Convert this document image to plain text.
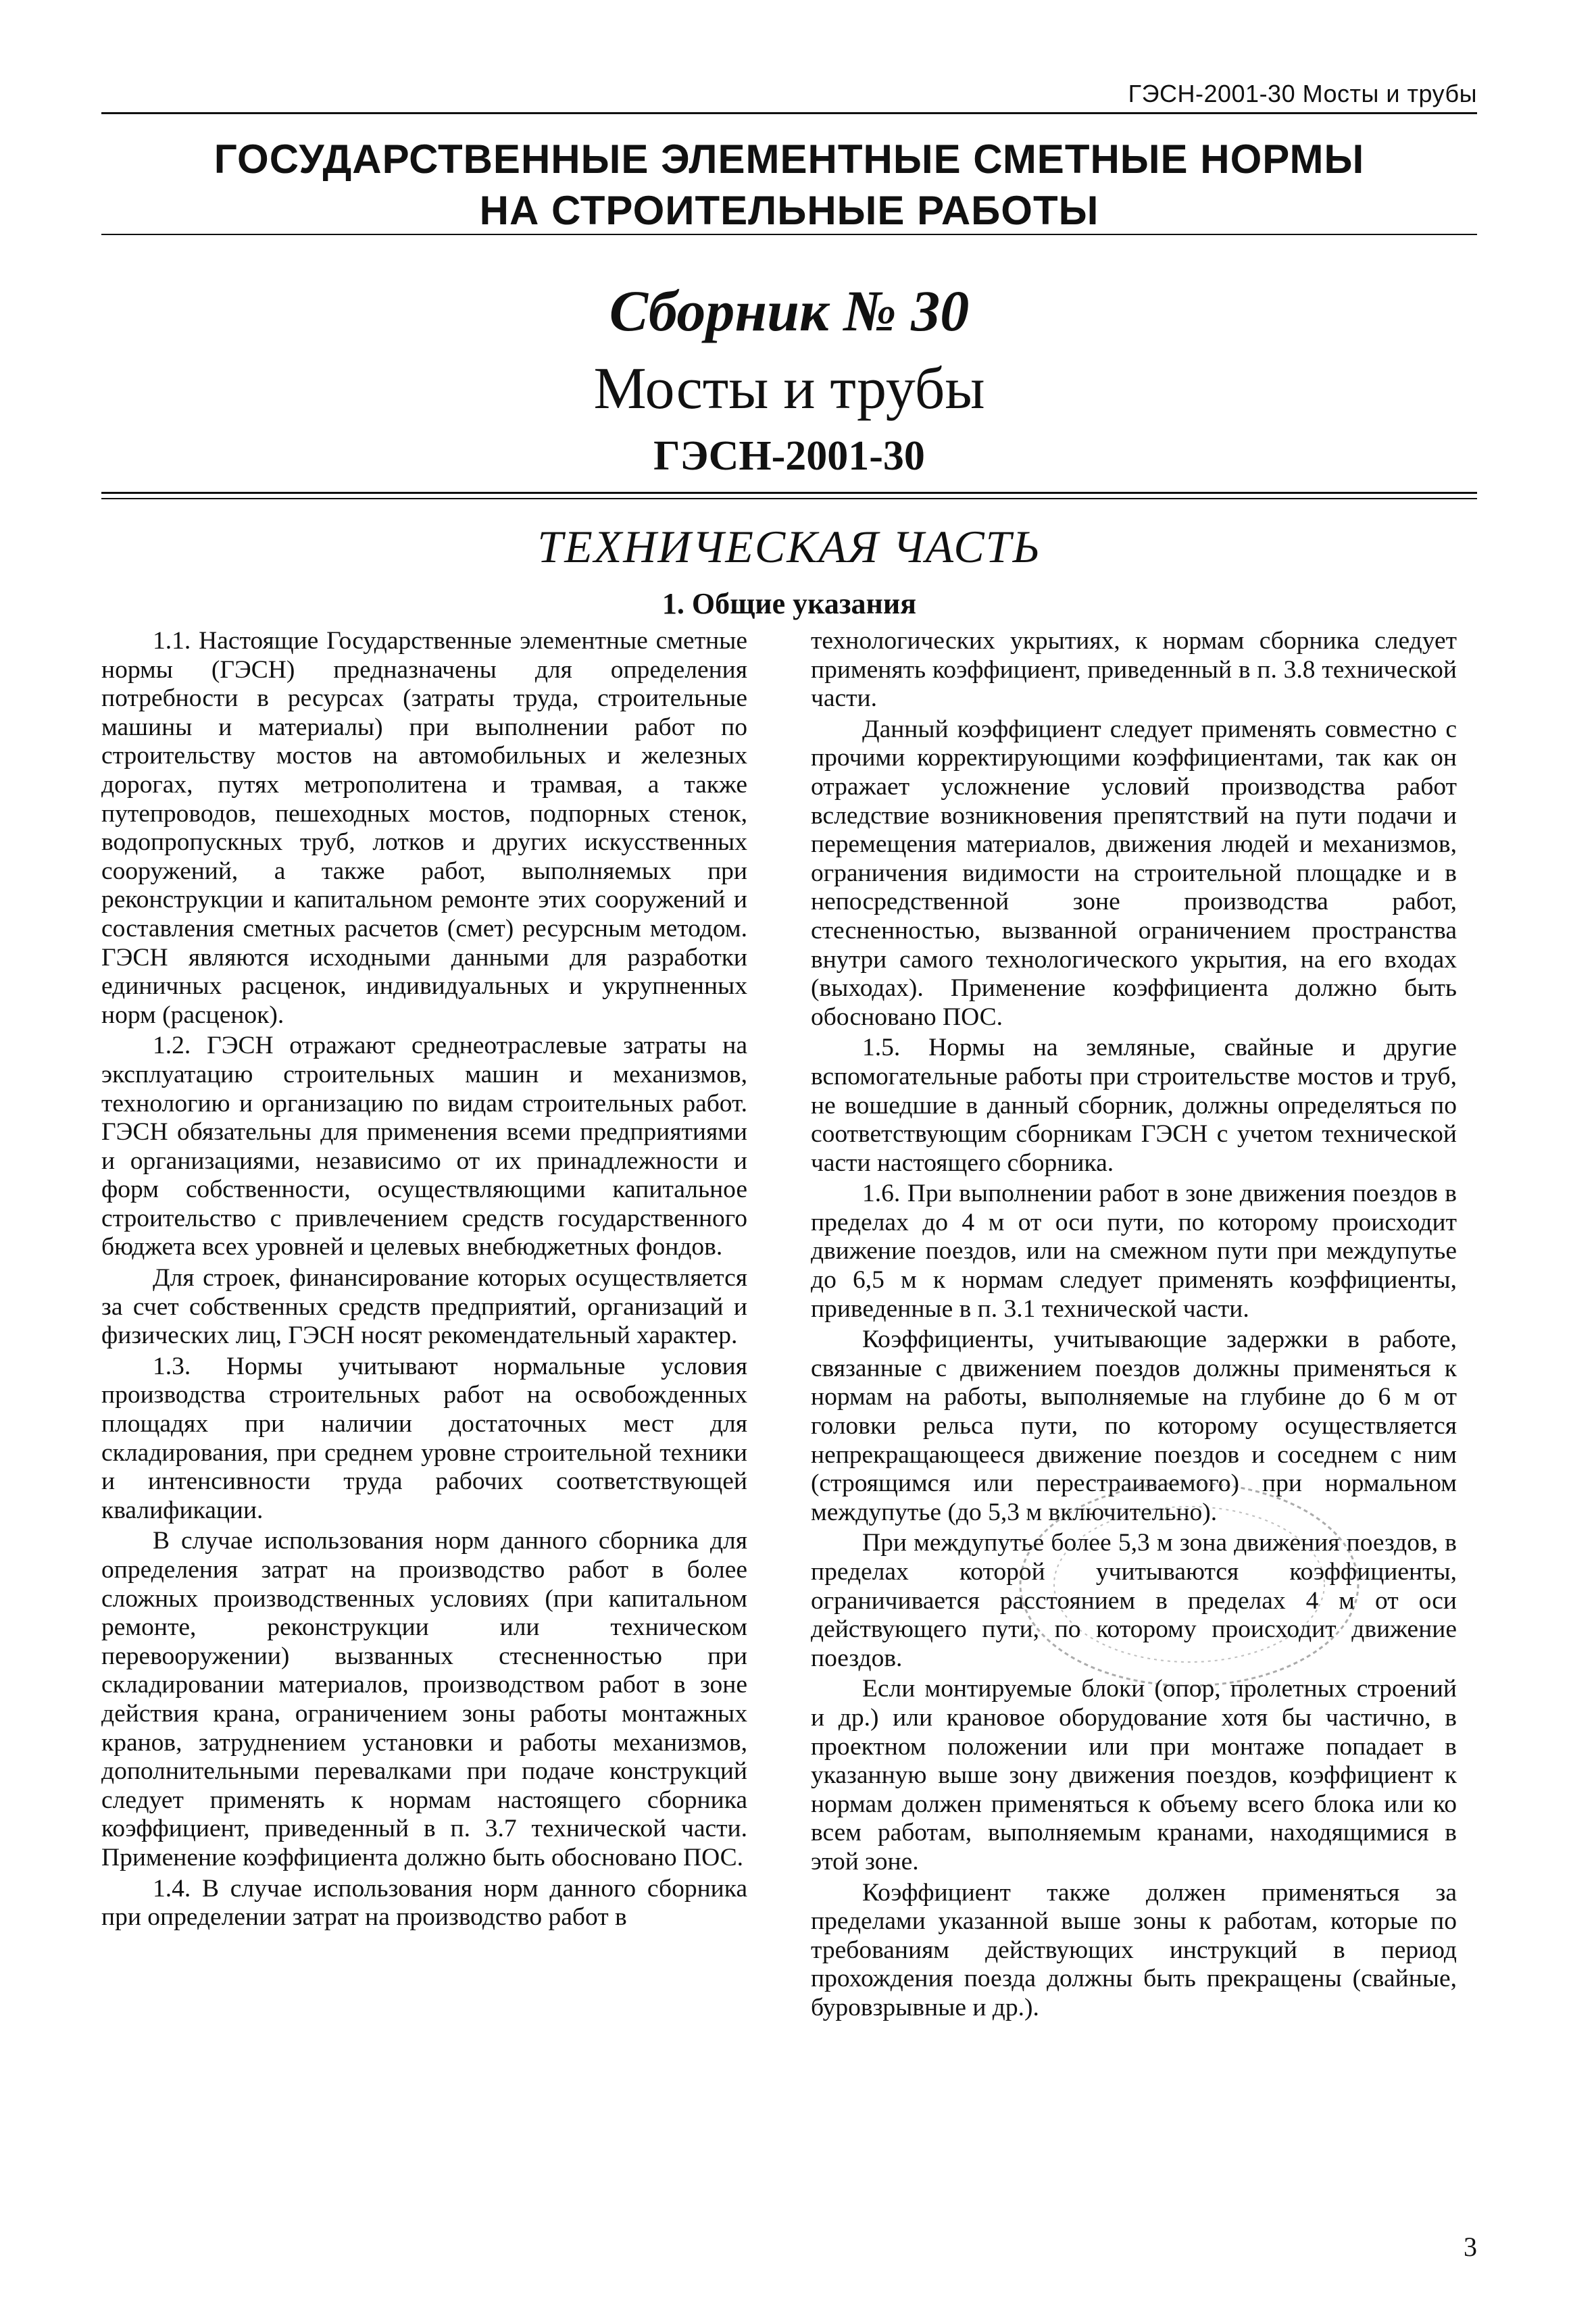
ГЭСН-2001-30 Мосты и трубы
ГОСУДАРСТВЕННЫЕ ЭЛЕМЕНТНЫЕ СМЕТНЫЕ НОРМЫ
НА СТРОИТЕЛЬНЫЕ РАБОТЫ
Сборник № 30
Мосты и трубы
ГЭСН-2001-30
ТЕХНИЧЕСКАЯ ЧАСТЬ
1. Общие указания

1.1. Настоящие Государственные элементные сметные нормы (ГЭСН) предназначены для определения потребности в ресурсах (затраты труда, строительные машины и материалы) при выполнении работ по строительству мостов на автомобильных и железных дорогах, путях метрополитена и трамвая, а также путепроводов, пешеходных мостов, подпорных стенок, водопропускных труб, лотков и других искусственных сооружений, а также работ, выполняемых при реконструкции и капитальном ремонте этих сооружений и составления сметных расчетов (смет) ресурсным методом. ГЭСН являются исходными данными для разработки единичных расценок, индивидуальных и укрупненных норм (расценок).

1.2. ГЭСН отражают среднеотраслевые затраты на эксплуатацию строительных машин и механизмов, технологию и организацию по видам строительных работ. ГЭСН обязательны для применения всеми предприятиями и организациями, независимо от их принадлежности и форм собственности, осуществляющими капитальное строительство с привлечением средств государственного бюджета всех уровней и целевых внебюджетных фондов.

Для строек, финансирование которых осуществляется за счет собственных средств предприятий, организаций и физических лиц, ГЭСН носят рекомендательный характер.

1.3. Нормы учитывают нормальные условия производства строительных работ на освобожденных площадях при наличии достаточных мест для складирования, при среднем уровне строительной техники и интенсивности труда рабочих соответствующей квалификации.

В случае использования норм данного сборника для определения затрат на производство работ в более сложных производственных условиях (при капитальном ремонте, реконструкции или техническом перевооружении) вызванных стесненностью при складировании материалов, производством работ в зоне действия крана, ограничением зоны работы монтажных кранов, затруднением установки и работы механизмов, дополнительными перевалками при подаче конструкций следует применять к нормам настоящего сборника коэффициент, приведенный в п. 3.7 технической части. Применение коэффициента должно быть обосновано ПОС.

1.4. В случае использования норм данного сборника при определении затрат на производство работ в

технологических укрытиях, к нормам сборника следует применять коэффициент, приведенный в п. 3.8 технической части.

Данный коэффициент следует применять совместно с прочими корректирующими коэффициентами, так как он отражает усложнение условий производства работ вследствие возникновения препятствий на пути подачи и перемещения материалов, движения людей и механизмов, ограничения видимости на строительной площадке и в непосредственной зоне производства работ, стесненностью, вызванной ограничением пространства внутри самого технологического укрытия, на его входах (выходах). Применение коэффициента должно быть обосновано ПОС.

1.5. Нормы на земляные, свайные и другие вспомогательные работы при строительстве мостов и труб, не вошедшие в данный сборник, должны определяться по соответствующим сборникам ГЭСН с учетом технической части настоящего сборника.

1.6. При выполнении работ в зоне движения поездов в пределах до 4 м от оси пути, по которому происходит движение поездов, или на смежном пути при междупутье до 6,5 м к нормам следует применять коэффициенты, приведенные в п. 3.1 технической части.

Коэффициенты, учитывающие задержки в работе, связанные с движением поездов должны применяться к нормам на работы, выполняемые на глубине до 6 м от головки рельса пути, по которому осуществляется непрекращающееся движение поездов и соседнем с ним (строящимся или перестраиваемого) при нормальном междупутье (до 5,3 м включительно).

При междупутье более 5,3 м зона движения поездов, в пределах которой учитываются коэффициенты, ограничивается расстоянием в пределах 4 м от оси действующего пути, по которому происходит движение поездов.

Если монтируемые блоки (опор, пролетных строений и др.) или крановое оборудование хотя бы частично, в проектном положении или при монтаже попадает в указанную выше зону движения поездов, коэффициент к нормам должен применяться к объему всего блока или ко всем работам, выполняемым кранами, находящимися в этой зоне.

Коэффициент также должен применяться за пределами указанной выше зоны к работам, которые по требованиям действующих инструкций в период прохождения поезда должны быть прекращены (свайные, буровзрывные и др.).

3
